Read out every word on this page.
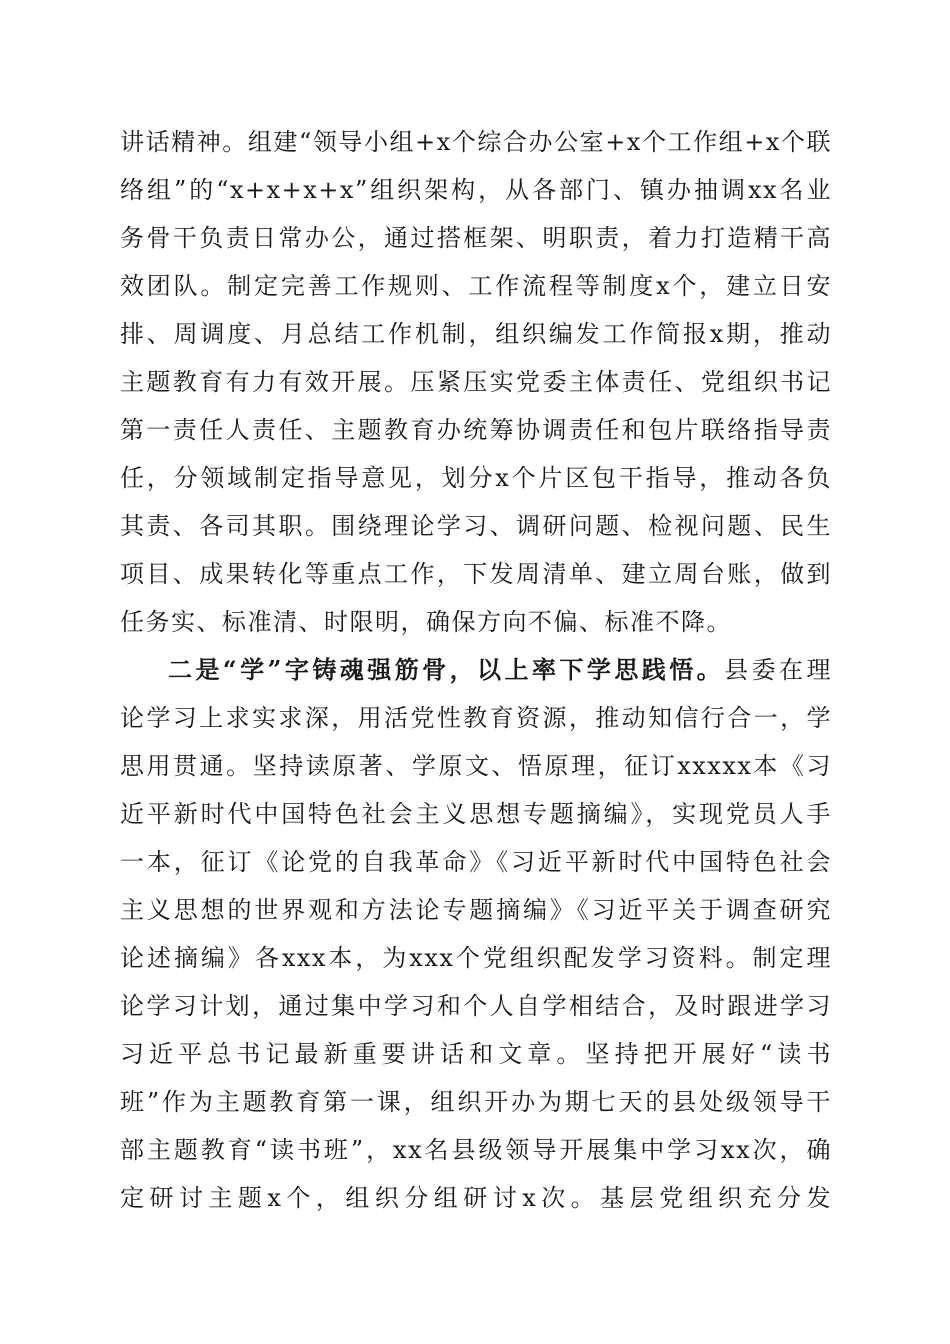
讲话精神。组建“领导小组+x个综合办公室+x个工作组+x个联
络组”的“x+x+x+x”组织架构，从各部门、镇办抽调xx名业
务骨干负责日常办公，通过搭框架、明职责，着力打造精干高
效团队。制定完善工作规则、工作流程等制度x个，建立日安
排、周调度、月总结工作机制，组织编发工作简报x期，推动
主题教育有力有效开展。压紧压实党委主体责任、党组织书记
第一责任人责任、主题教育办统筹协调责任和包片联络指导责
任，分领域制定指导意见，划分x个片区包干指导，推动各负
其责、各司其职。围绕理论学习、调研问题、检视问题、民生
项目、成果转化等重点工作，下发周清单、建立周台账，做到
任务实、标准清、时限明，确保方向不偏、标准不降。
二是“学”字铸魂强筋骨，以上率下学思践悟。县委在理
论学习上求实求深，用活党性教育资源，推动知信行合一，学
思用贯通。坚持读原著、学原文、悟原理，征订xxxxx本《习
近平新时代中国特色社会主义思想专题摘编》，实现党员人手
一本，征订《论党的自我革命》《习近平新时代中国特色社会
主义思想的世界观和方法论专题摘编》《习近平关于调查研究
论述摘编》各xxx本，为xxx个党组织配发学习资料。制定理
论学习计划，通过集中学习和个人自学相结合，及时跟进学习
习近平总书记最新重要讲话和文章。坚持把开展好“读书
班”作为主题教育第一课，组织开办为期七天的县处级领导干
部主题教育“读书班”，xx名县级领导开展集中学习xx次，确
定研讨主题x个，组织分组研讨x次。基层党组织充分发
